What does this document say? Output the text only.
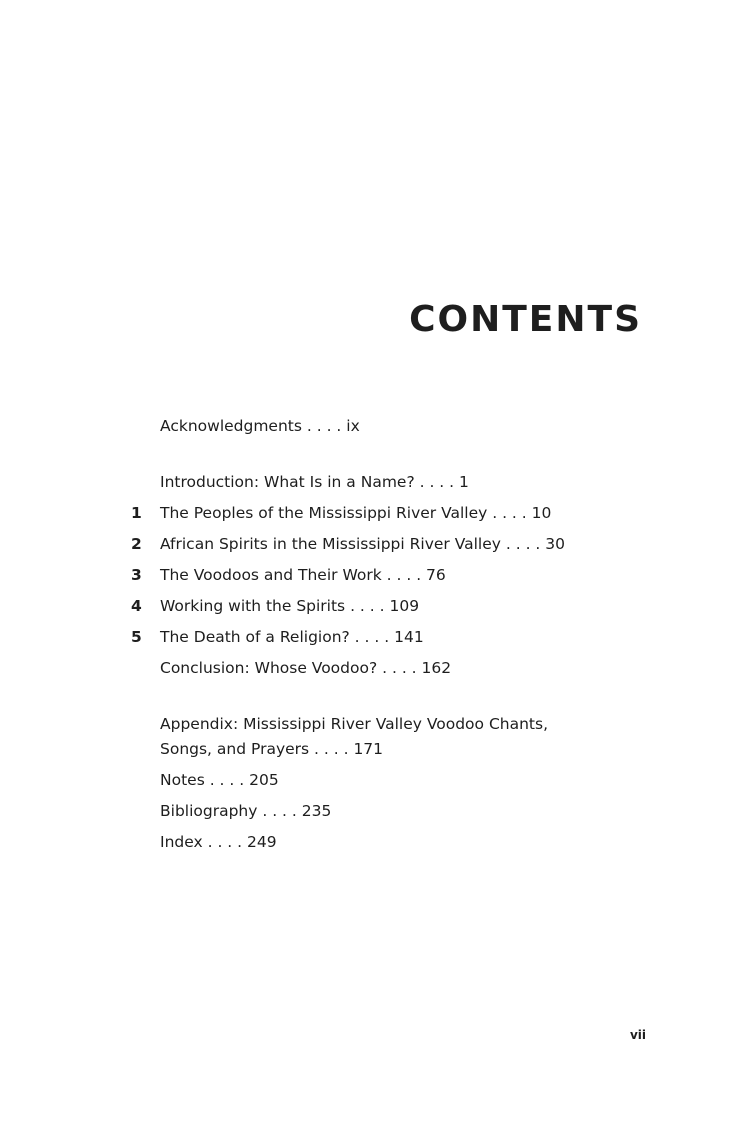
CONTENTS
Acknowledgments . . . . ix
Introduction: What Is in a Name? . . . . 1
1 The Peoples of the Mississippi River Valley . . . . 10
2 African Spirits in the Mississippi River Valley . . . . 30
3 The Voodoos and Their Work . . . . 76
4 Working with the Spirits . . . . 109
5 The Death of a Religion? . . . . 141
Conclusion: Whose Voodoo? . . . . 162
Appendix: Mississippi River Valley Voodoo Chants,
Songs, and Prayers . . . . 171
Notes . . . . 205
Bibliography . . . . 235
Index . . . . 249
vii
